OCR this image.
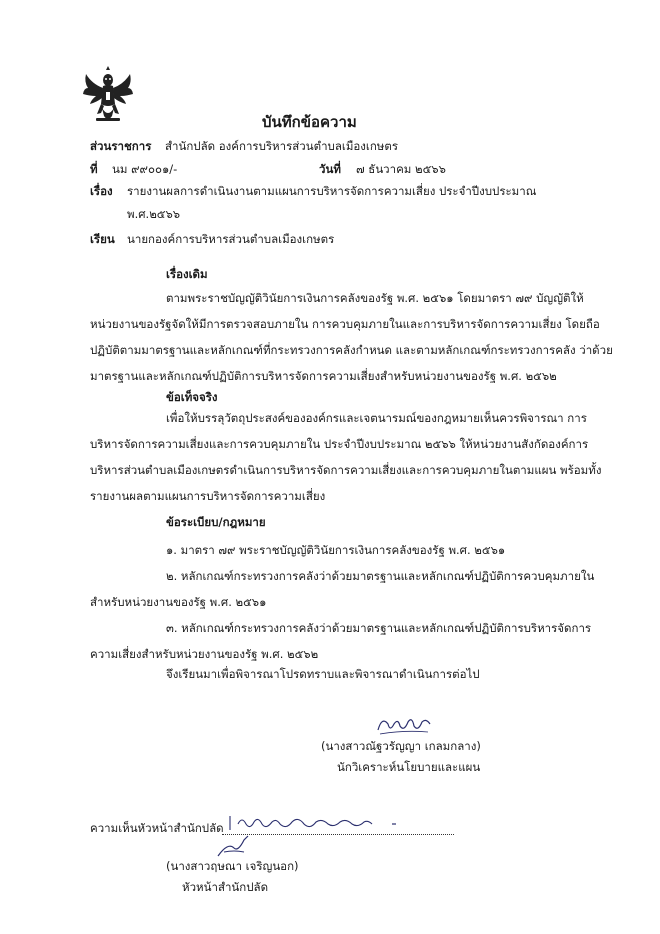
บันทึกข้อความ
ส่วนราชการ สำนักปลัด องค์การบริหารส่วนตำบลเมืองเกษตร
ที่ นม ๙๙๐๐๑/-	วันที่ ๗ ธันวาคม ๒๕๖๖
เรื่อง รายงานผลการดำเนินงานตามแผนการบริหารจัดการความเสี่ยง ประจำปีงบประมาณ
พ.ศ.๒๕๖๖
เรียน นายกองค์การบริหารส่วนตำบลเมืองเกษตร
เรื่องเดิม
ตามพระราชบัญญัติวินัยการเงินการคลังของรัฐ พ.ศ. ๒๕๖๑ โดยมาตรา ๗๙ บัญญัติให้
หน่วยงานของรัฐจัดให้มีการตรวจสอบภายใน การควบคุมภายในและการบริหารจัดการความเสี่ยง โดยถือ
ปฏิบัติตามมาตรฐานและหลักเกณฑ์ที่กระทรวงการคลังกำหนด และตามหลักเกณฑ์กระทรวงการคลัง ว่าด้วย
มาตรฐานและหลักเกณฑ์ปฏิบัติการบริหารจัดการความเสี่ยงสำหรับหน่วยงานของรัฐ พ.ศ. ๒๕๖๒
ข้อเท็จจริง
เพื่อให้บรรลุวัตถุประสงค์ขององค์กรและเจตนารมณ์ของกฎหมายเห็นควรพิจารณา การ
บริหารจัดการความเสี่ยงและการควบคุมภายใน ประจำปีงบประมาณ ๒๕๖๖ ให้หน่วยงานสังกัดองค์การ
บริหารส่วนตำบลเมืองเกษตรดำเนินการบริหารจัดการความเสี่ยงและการควบคุมภายในตามแผน พร้อมทั้ง
รายงานผลตามแผนการบริหารจัดการความเสี่ยง
ข้อระเบียบ/กฎหมาย
๑. มาตรา ๗๙ พระราชบัญญัติวินัยการเงินการคลังของรัฐ พ.ศ. ๒๕๖๑
๒. หลักเกณฑ์กระทรวงการคลังว่าด้วยมาตรฐานและหลักเกณฑ์ปฏิบัติการควบคุมภายใน
สำหรับหน่วยงานของรัฐ พ.ศ. ๒๕๖๑
๓. หลักเกณฑ์กระทรวงการคลังว่าด้วยมาตรฐานและหลักเกณฑ์ปฏิบัติการบริหารจัดการ
ความเสี่ยงสำหรับหน่วยงานของรัฐ พ.ศ. ๒๕๖๒
จึงเรียนมาเพื่อพิจารณาโปรดทราบและพิจารณาดำเนินการต่อไป
(นางสาวณัฐวรัญญา เกลมกลาง)
นักวิเคราะห์นโยบายและแผน
ความเห็นหัวหน้าสำนักปลัด
(นางสาวฤษณา เจริญนอก)
หัวหน้าสำนักปลัด
